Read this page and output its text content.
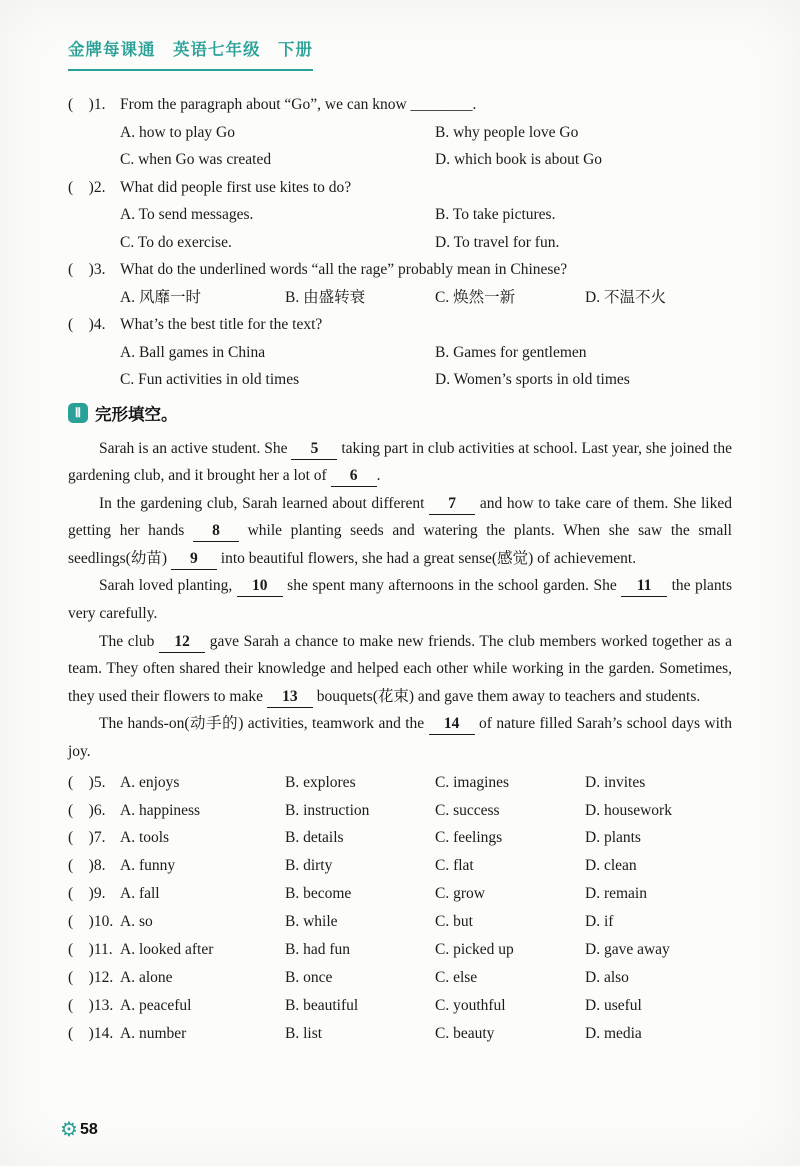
金牌每课通　英语七年级　下册
(　)1. From the paragraph about “Go”, we can know ________.
A. how to play Go	B. why people love Go
C. when Go was created	D. which book is about Go
(　)2. What did people first use kites to do?
A. To send messages.	B. To take pictures.
C. To do exercise.	D. To travel for fun.
(　)3. What do the underlined words “all the rage” probably mean in Chinese?
A. 风靡一时	B. 由盛转衰	C. 焕然一新	D. 不温不火
(　)4. What’s the best title for the text?
A. Ball games in China	B. Games for gentlemen
C. Fun activities in old times	D. Women’s sports in old times
Ⅱ 完形填空。

Sarah is an active student. She 5 taking part in club activities at school. Last year, she joined the gardening club, and it brought her a lot of 6 .

In the gardening club, Sarah learned about different 7 and how to take care of them. She liked getting her hands 8 while planting seeds and watering the plants. When she saw the small seedlings(幼苗) 9 into beautiful flowers, she had a great sense(感觉) of achievement.

Sarah loved planting, 10 she spent many afternoons in the school garden. She 11 the plants very carefully.

The club 12 gave Sarah a chance to make new friends. The club members worked together as a team. They often shared their knowledge and helped each other while working in the garden. Sometimes, they used their flowers to make 13 bouquets(花束) and gave them away to teachers and students.

The hands-on(动手的) activities, teamwork and the 14 of nature filled Sarah’s school days with joy.

(　)5. A. enjoys	B. explores	C. imagines	D. invites
(　)6. A. happiness	B. instruction	C. success	D. housework
(　)7. A. tools	B. details	C. feelings	D. plants
(　)8. A. funny	B. dirty	C. flat	D. clean
(　)9. A. fall	B. become	C. grow	D. remain
(　)10. A. so	B. while	C. but	D. if
(　)11. A. looked after	B. had fun	C. picked up	D. gave away
(　)12. A. alone	B. once	C. else	D. also
(　)13. A. peaceful	B. beautiful	C. youthful	D. useful
(　)14. A. number	B. list	C. beauty	D. media
⚙ 58
